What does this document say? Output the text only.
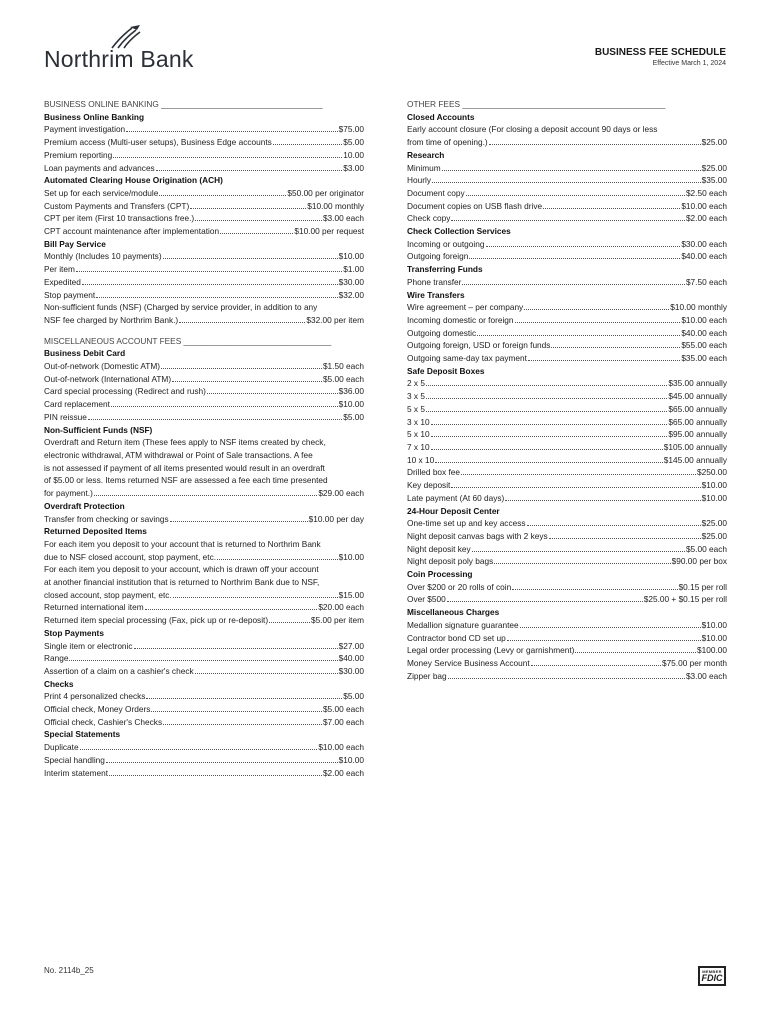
Northrim Bank	BUSINESS FEE SCHEDULE
Effective March 1, 2024
BUSINESS ONLINE BANKING ___________________________________
Business Online Banking
Payment investigation	$75.00
Premium access (Multi-user setups), Business Edge accounts	$5.00
Premium reporting	10.00
Loan payments and advances	$3.00
Automated Clearing House Origination (ACH)
Set up for each service/module	$50.00 per originator
Custom Payments and Transfers (CPT)	$10.00 monthly
CPT per item (First 10 transactions free.)	$3.00 each
CPT account maintenance after implementation	$10.00 per request
Bill Pay Service
Monthly (Includes 10 payments)	$10.00
Per item	$1.00
Expedited	$30.00
Stop payment	$32.00
Non-sufficient funds (NSF) (Charged by service provider, in addition to any
NSF fee charged by Northrim Bank.)	$32.00 per item
MISCELLANEOUS ACCOUNT FEES ________________________________
Business Debit Card
Out-of-network (Domestic ATM)	$1.50 each
Out-of-network (International ATM)	$5.00 each
Card special processing (Redirect and rush)	$36.00
Card replacement	$10.00
PIN reissue	$5.00
Non-Sufficient Funds (NSF)
Overdraft and Return item (These fees apply to NSF items created by check,
electronic withdrawal, ATM withdrawal or Point of Sale transactions. A fee
is not assessed if payment of all items presented would result in an overdraft
of $5.00 or less. Items returned NSF are assessed a fee each time presented
for payment.)	$29.00 each
Overdraft Protection
Transfer from checking or savings	$10.00 per day
Returned Deposited Items
For each item you deposit to your account that is returned to Northrim Bank
due to NSF closed account, stop payment, etc.	$10.00
For each item you deposit to your account, which is drawn off your account
at another financial institution that is returned to Northrim Bank due to NSF,
closed account, stop payment, etc.	$15.00
Returned international item	$20.00 each
Returned item special processing (Fax, pick up or re-deposit)	$5.00 per item
Stop Payments
Single item or electronic	$27.00
Range	$40.00
Assertion of a claim on a cashier's check	$30.00
Checks
Print 4 personalized checks	$5.00
Official check, Money Orders	$5.00 each
Official check, Cashier's Checks	$7.00 each
Special Statements
Duplicate	$10.00 each
Special handling	$10.00
Interim statement	$2.00 each
OTHER FEES ____________________________________________
Closed Accounts
Early account closure (For closing a deposit account 90 days or less
from time of opening.)	$25.00
Research
Minimum	$25.00
Hourly	$35.00
Document copy	$2.50 each
Document copies on USB flash drive	$10.00 each
Check copy	$2.00 each
Check Collection Services
Incoming or outgoing	$30.00 each
Outgoing foreign	$40.00 each
Transferring Funds
Phone transfer	$7.50 each
Wire Transfers
Wire agreement – per company	$10.00 monthly
Incoming domestic or foreign	$10.00 each
Outgoing domestic	$40.00 each
Outgoing foreign, USD or foreign funds	$55.00 each
Outgoing same-day tax payment	$35.00 each
Safe Deposit Boxes
2 x 5	$35.00 annually
3 x 5	$45.00 annually
5 x 5	$65.00 annually
3 x 10	$65.00 annually
5 x 10	$95.00 annually
7 x 10	$105.00 annually
10 x 10	$145.00 annually
Drilled box fee	$250.00
Key deposit	$10.00
Late payment (At 60 days)	$10.00
24-Hour Deposit Center
One-time set up and key access	$25.00
Night deposit canvas bags with 2 keys	$25.00
Night deposit key	$5.00 each
Night deposit poly bags	$90.00 per box
Coin Processing
Over $200 or 20 rolls of coin	$0.15 per roll
Over $500	$25.00 + $0.15 per roll
Miscellaneous Charges
Medallion signature guarantee	$10.00
Contractor bond CD set up	$10.00
Legal order processing (Levy or garnishment)	$100.00
Money Service Business Account	$75.00 per month
Zipper bag	$3.00 each
No. 2114b_25	MEMBER
FDIC
